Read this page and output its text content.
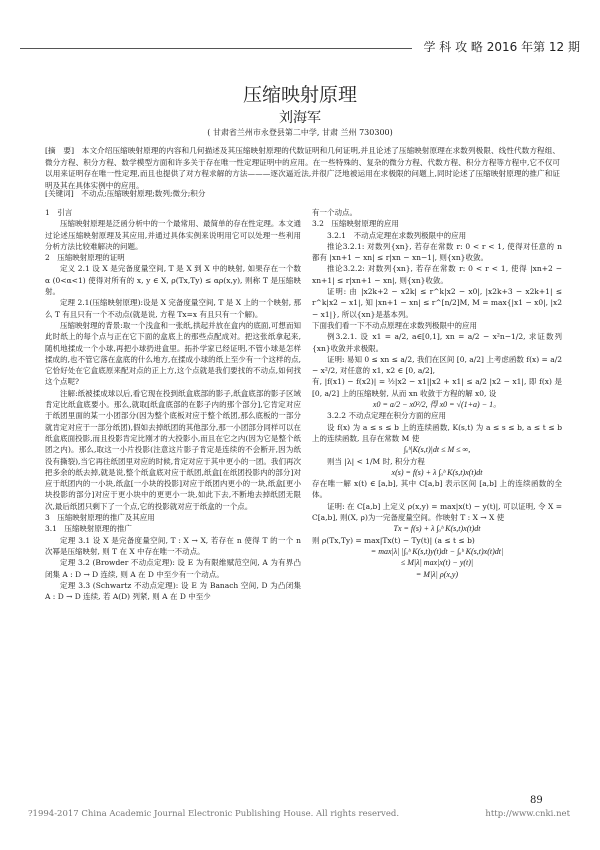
学 科 攻 略 2016 年第 12 期
压缩映射原理
刘海军
( 甘肃省兰州市永登县第二中学, 甘肃 兰州 730300)
[摘　要]　本文介绍压缩映射原理的内容和几何描述及其压缩映射原理的代数证明和几何证明,并且论述了压缩映射原理在求数列极限、线性代数方程组、微分方程、积分方程、数学模型方面和许多关于存在唯一性定理证明中的应用。在一些特殊的、复杂的微分方程、代数方程、积分方程等方程中,它不仅可以用来证明存在唯一性定理,而且也提供了对方程求解的方法———逐次逼近法,并很广泛地被运用在求极限的问题上,同时论述了压缩映射原理的推广和证明及其在具体实例中的应用。
[关键词]　不动点;压缩映射原理;数列;微分;积分

1　引言

压缩映射原理是泛函分析中的一个最常用、最简单的存在性定理。本文通过论述压缩映射原理及其应用,并通过具体实例来说明用它可以处理一些利用分析方法比较难解决的问题。

2　压缩映射原理的证明

定义 2.1 设 X 是完备度量空间, T 是 X 到 X 中的映射, 如果存在一个数 α (0<α<1) 使得对所有的 x, y ∈ X, ρ(Tx,Ty) ≤ αρ(x,y), 则称 T 是压缩映射。

定理 2.1(压缩映射原理):设是 X 完备度量空间, T 是 X 上的一个映射, 那么 T 有且只有一个不动点(就是说, 方程 Tx=x 有且只有一个解)。

压缩映射理的背景:取一个浅盒和一张纸,拱起并放在盒内的底面,可想而知此时纸上的每个点与正在它下面的盒底上的那些点配成对。把这张纸拿起来,随机地揉成一个小球,再把小球扔进盒里。拓扑学家已经证明,不管小球是怎样揉成的,也不管它落在盒底的什么地方,在揉成小球的纸上至少有一个这样的点,它恰好处在它盒底原来配对点的正上方,这个点就是我们要找的不动点,如何找这个点呢?

注解:纸被揉成球以后,看它现在投到纸盒底部的影子,纸盒底部的影子区域肯定比纸盒底要小。那么,就取[纸盒底部的在影子内的那个部分],它肯定对应于纸团里面的某一小团部分(因为整个底板对应于整个纸团,那么底板的一部分就肯定对应于一部分纸团),假如去掉纸团的其他部分,那一小团部分同样可以在纸盒底面投影,而且投影肯定比刚才的大投影小,而且在它之内(因为它是整个纸团之内)。那么,取这一小片投影(注意这片影子肯定是连续的不会断开,因为纸没有撕裂),当它再往纸团里对应的时候,肯定对应于其中更小的一团。我们再次把多余的纸去掉,就是说,整个纸盒底对应于纸团,纸盒[在纸团投影内的部分]对应于纸团内的一小块,纸盒[一小块的投影]对应于纸团内更小的一块,纸盒[更小块投影的部分]对应于更小块中的更更小一块,如此下去,不断地去掉纸团无限次,最后纸团只剩下了一个点,它的投影就对应于纸盒的一个点。

3　压缩映射原理的推广及其应用

3.1　压缩映射原理的推广

定理 3.1 设 X 是完备度量空间, T : X → X, 若存在 n 使得 T 的一个 n 次幂是压缩映射, 则 T 在 X 中存在唯一不动点。

定理 3.2 (Browder 不动点定理): 设 E 为有限维赋范空间, A 为有界凸闭集 A : D → D 连续, 则 A 在 D 中至少有一个动点。

定理 3.3 (Schwartz 不动点定理): 设 E 为 Banach 空间, D 为凸闭集 A : D → D 连续, 若 A(D) 列紧, 则 A 在 D 中至少

有一个动点。

3.2　压缩映射原理的应用

3.2.1　不动点定理在求数列极限中的应用

推论3.2.1: 对数列{xn}, 若存在常数 r: 0 < r < 1, 使得对任意的 n 都有 |xn+1 − xn| ≤ r|xn − xn−1|, 则{xn}收敛。

推论3.2.2: 对数列{xn}, 若存在常数 r: 0 < r < 1, 使得 |xn+2 − xn+1| ≤ r|xn+1 − xn|, 则{xn}收敛。

证明: 由 |x2k+2 − x2k| ≤ r^k|x2 − x0|, |x2k+3 − x2k+1| ≤ r^k|x2 − x1|, 知 |xn+1 − xn| ≤ r^[n/2]M, M = max{|x1 − x0|, |x2 − x1|}, 所以{xn}是基本列。

下面我们看一下不动点原理在求数列极限中的应用

例3.2.1. 设 x1 = a/2, a∈[0,1], xn = a/2 − x²n−1/2, 求证数列{xn}收敛并求极限。

证明: 易知 0 ≤ xn ≤ a/2, 我们在区间 [0, a/2] 上考虑函数 f(x) = a/2 − x²/2, 对任意的 x1, x2 ∈ [0, a/2],

有, |f(x1) − f(x2)| = ½|x2 − x1||x2 + x1| ≤ a/2 |x2 − x1|, 即 f(x) 是 [0, a/2] 上的压缩映射, 从而 xn 收敛于方程的解 x0, 设

x0 = a/2 − x0²/2, 得 x0 = √(1+a) − 1。

3.2.2 不动点定理在积分方面的应用

设 f(x) 为 a ≤ s ≤ b 上的连续函数, K(s,t) 为 a ≤ s ≤ b, a ≤ t ≤ b 上的连续函数, 且存在常数 M 使

∫ₐᵇ|K(s,t)|dt ≤ M ≤ ∞,

则当 |λ| < 1/M 时, 积分方程

x(s) = f(s) + λ ∫ₐᵇ K(s,t)x(t)dt

存在唯一解 x(t) ∈ [a,b], 其中 C[a,b] 表示区间 [a,b] 上的连续函数的全体。

证明: 在 C[a,b] 上定义 ρ(x,y) = max|x(t) − y(t)|, 可以证明, 令 X = C[a,b], 则(X, ρ)为一完备度量空间。作映射 T : X → X 使

Tx = f(s) + λ ∫ₐᵇ K(s,t)x(t)dt

则 ρ(Tx,Ty) = max|Tx(t) − Ty(t)| (a ≤ t ≤ b)

= max|λ| |∫ₐᵇ K(s,t)y(t)dt − ∫ₐᵇ K(s,t)x(t)dt|

≤ M|λ| max|x(t) − y(t)|

= M|λ| ρ(x,y)

89
?1994-2017 China Academic Journal Electronic Publishing House. All rights reserved.	http://www.cnki.net
